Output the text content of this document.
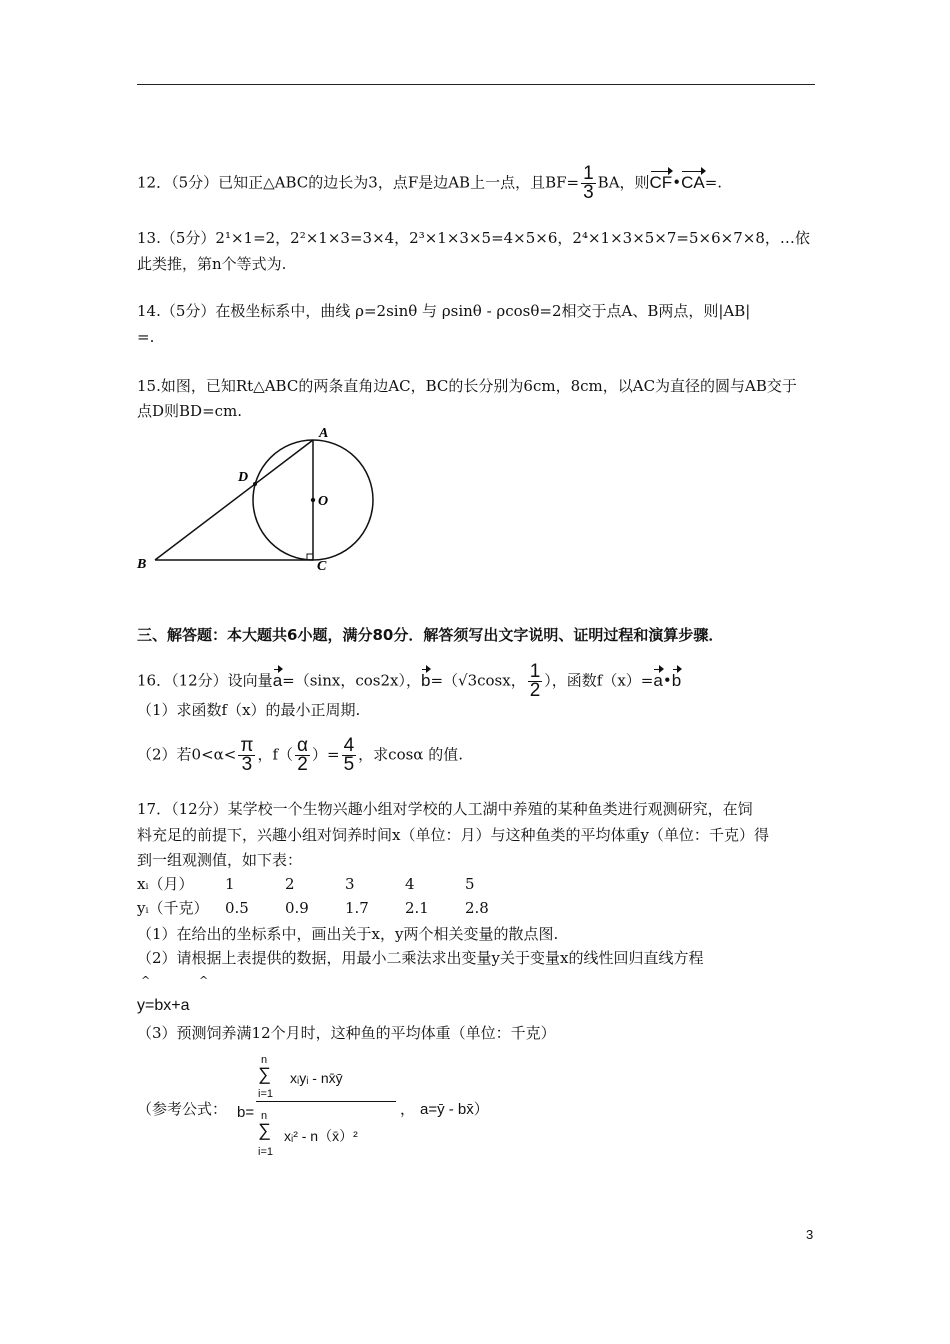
12．（5分）已知正△ABC的边长为3，点F是边AB上一点，且$BF= \frac{1}{3}$ BA，则CF•CA=.
13.（5分）2¹×1=2，2²×1×3=3×4，2³×1×3×5=4×5×6，2⁴×1×3×5×7=5×6×7×8，…依
此类推，第n个等式为.
14.（5分）在极坐标系中，曲线 ρ=2sinθ 与 ρsinθ - ρcosθ=2相交于点A、B两点，则|AB|
=.
15.如图，已知Rt△ABC的两条直角边AC，BC的长分别为6cm，8cm，以AC为直径的圆与AB交于
点D则BD=cm.
A
D
O
B	C
三、解答题：本大题共6小题，满分80分．解答须写出文字说明、证明过程和演算步骤．
16．（12分）设向量a=（sinx，cos2x），b=（√3cosx， $\frac{1}{2}$ ），函数f（x）=a•b
（1）求函数f（x）的最小正周期.
（2）若$0<\alpha< \frac{\pi}{3}$ ，$f( \frac{\alpha}{2}$ ）= $\frac{4}{5}$ ，求cosα 的值.
17．（12分）某学校一个生物兴趣小组对学校的人工湖中养殖的某种鱼类进行观测研究，在饲
料充足的前提下，兴趣小组对饲养时间x（单位：月）与这种鱼类的平均体重y（单位：千克）得
到一组观测值，如下表：
xᵢ（月）	1	2	3	4	5
yᵢ（千克）	0.5	0.9	1.7	2.1	2.8
（1）在给出的坐标系中，画出关于x，y两个相关变量的散点图.
（2）请根据上表提供的数据，用最小二乘法求出变量y关于变量x的线性回归直线方程
^	^
y=bx+a
（3）预测饲养满12个月时，这种鱼的平均体重（单位：千克）
（参考公式： b=
n
∑
i=1
xᵢyᵢ - nx̄ȳ
n
∑
i=1
xᵢ² - n（x̄）²
， a=ȳ - bx̄）
3
